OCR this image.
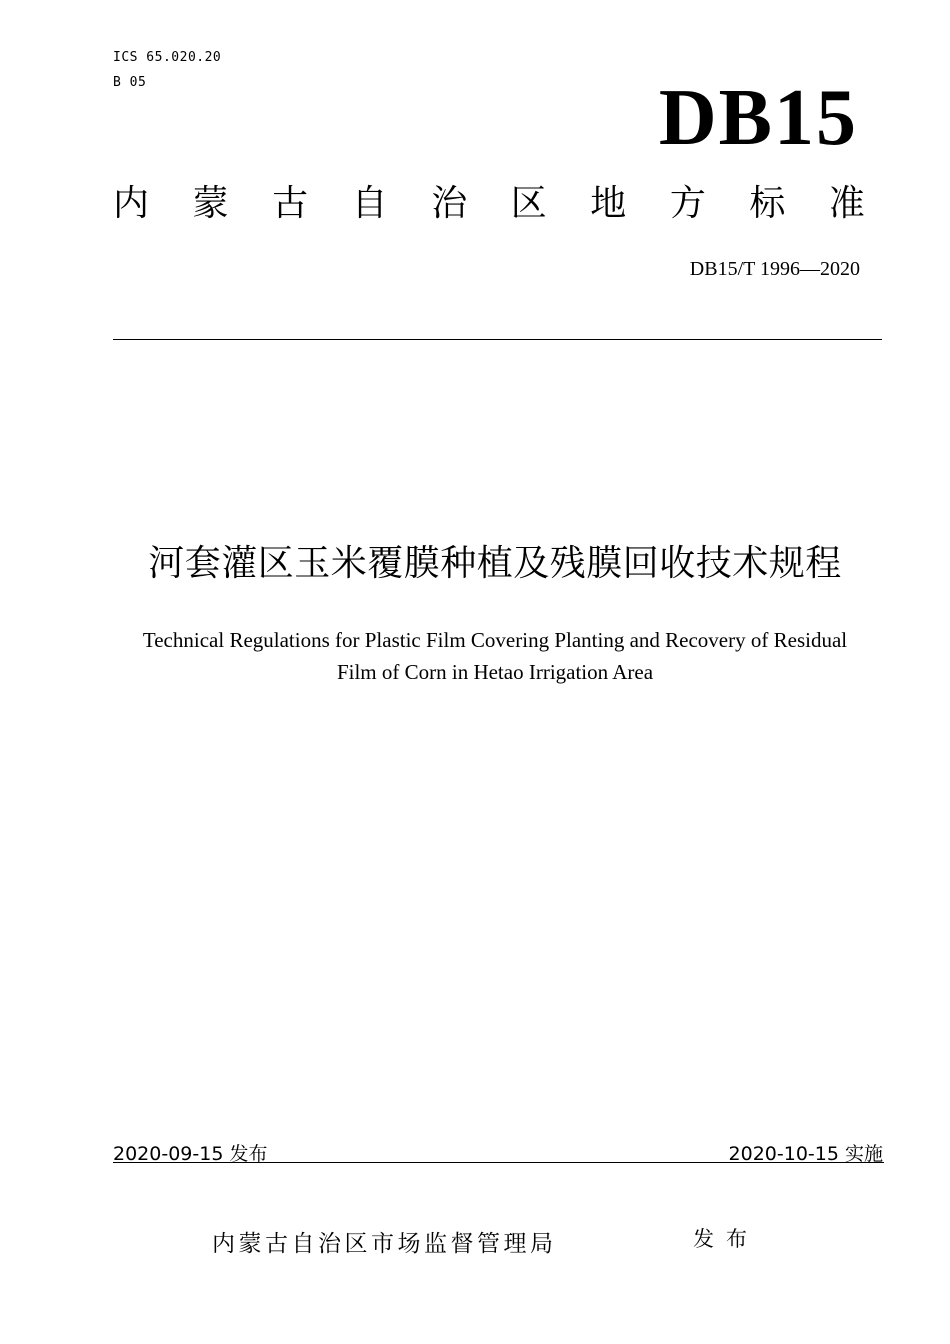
ICS 65.020.20
B 05	DB15
内 蒙 古 自 治 区 地 方 标 准
DB15/T 1996—2020
河套灌区玉米覆膜种植及残膜回收技术规程
Technical Regulations for Plastic Film Covering Planting and Recovery of Residual
Film of Corn in Hetao Irrigation Area
2020-09-15 发布	2020-10-15 实施
内蒙古自治区市场监督管理局	发布
